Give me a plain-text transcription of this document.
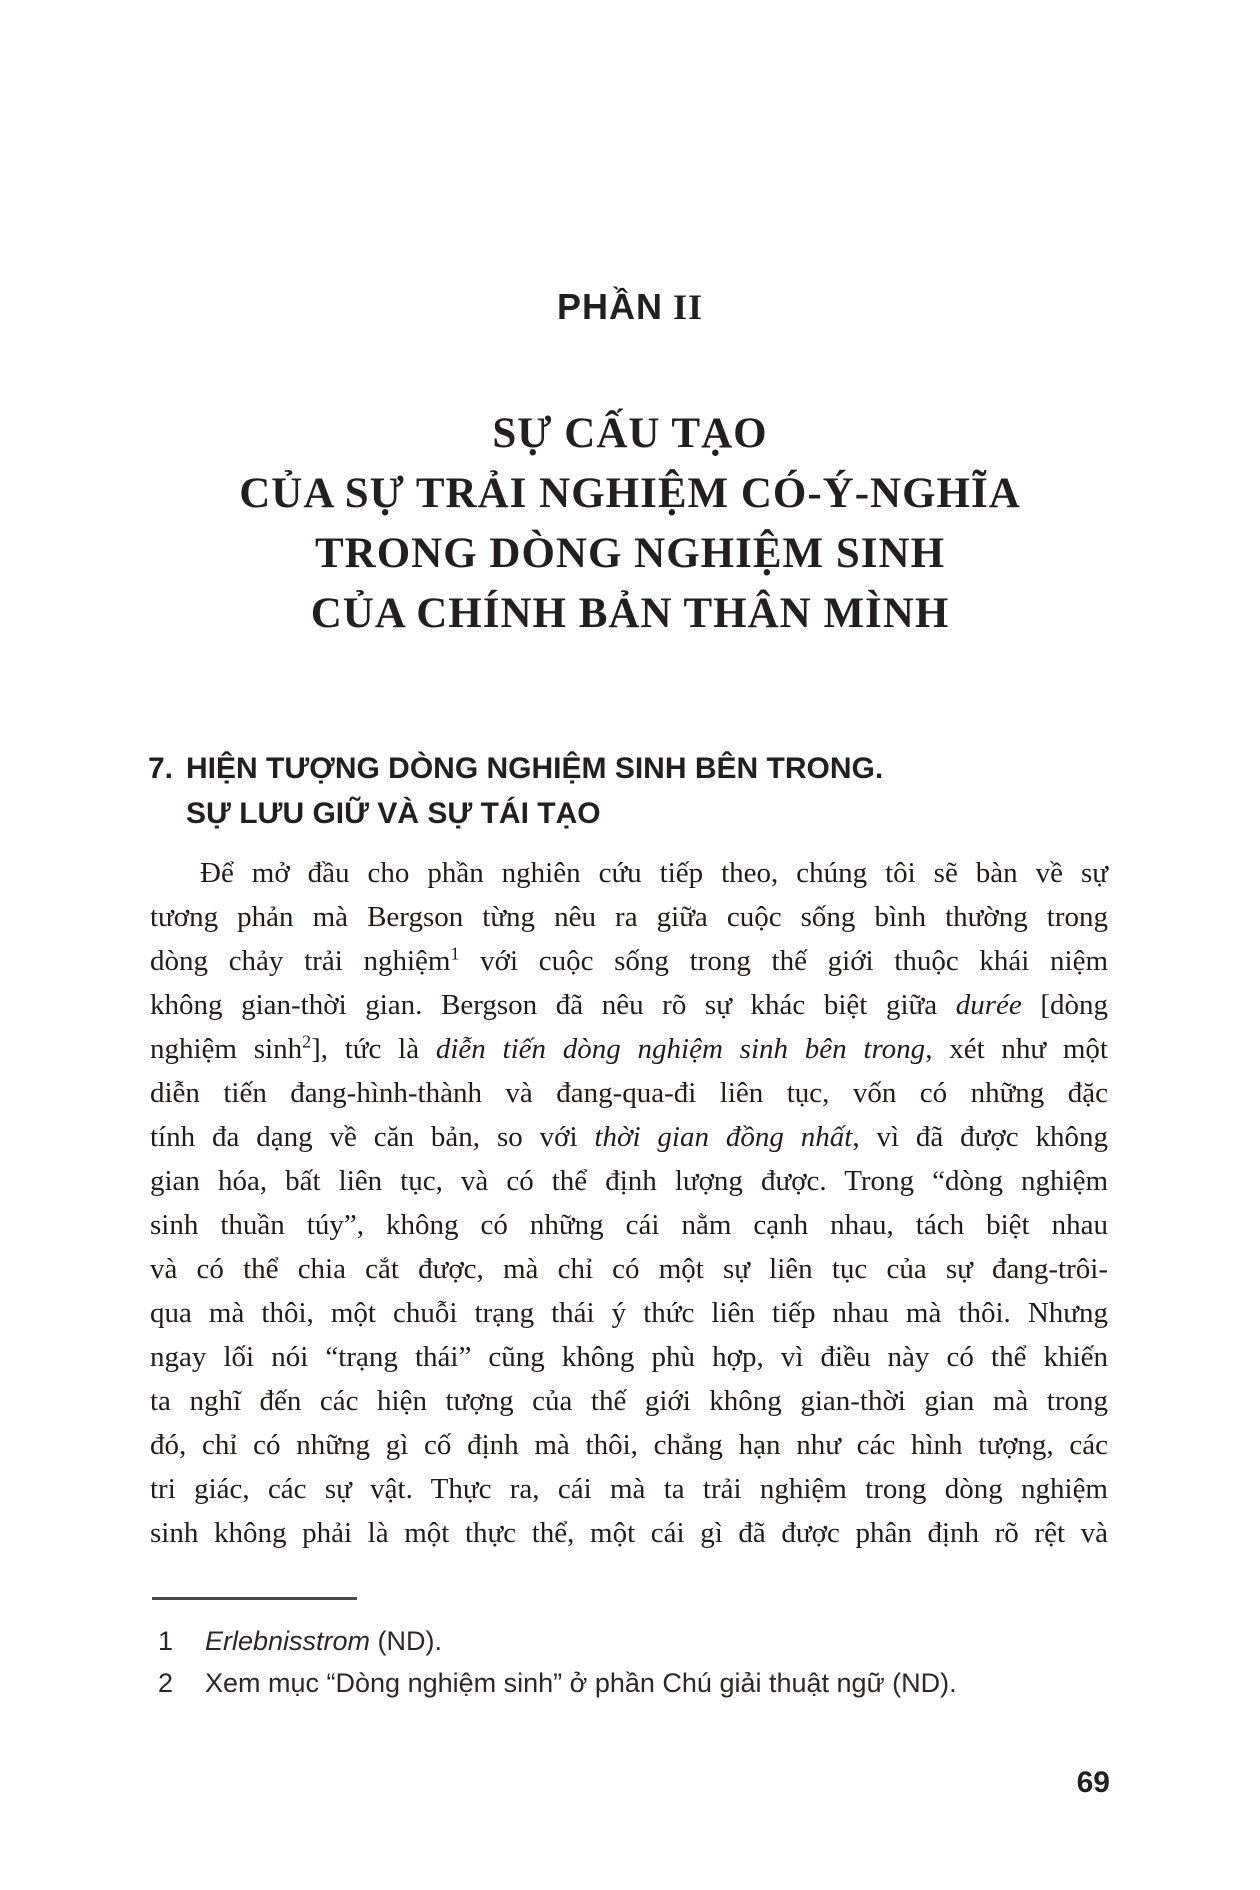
PHẦN II
SỰ CẤU TẠO
CỦA SỰ TRẢI NGHIỆM CÓ-Ý-NGHĨA
TRONG DÒNG NGHIỆM SINH
CỦA CHÍNH BẢN THÂN MÌNH
7. HIỆN TƯỢNG DÒNG NGHIỆM SINH BÊN TRONG.
SỰ LƯU GIỮ VÀ SỰ TÁI TẠO
Để mở đầu cho phần nghiên cứu tiếp theo, chúng tôi sẽ bàn về sự
tương phản mà Bergson từng nêu ra giữa cuộc sống bình thường trong
dòng chảy trải nghiệm$^1$ với cuộc sống trong thế giới thuộc khái niệm
không gian-thời gian. Bergson đã nêu rõ sự khác biệt giữa durée [dòng
nghiệm $\sinh^2$], tức là diễn tiến dòng nghiệm sinh bên trong, xét như một
diễn tiến đang-hình-thành và đang-qua-đi liên tục, vốn có những đặc
tính đa dạng về căn bản, so với thời gian đồng nhất, vì đã được không
gian hóa, bất liên tục, và có thể định lượng được. Trong “dòng nghiệm
sinh thuần túy”, không có những cái nằm cạnh nhau, tách biệt nhau
và có thể chia cắt được, mà chỉ có một sự liên tục của sự đang-trôi-
qua mà thôi, một chuỗi trạng thái ý thức liên tiếp nhau mà thôi. Nhưng
ngay lối nói “trạng thái” cũng không phù hợp, vì điều này có thể khiến
ta nghĩ đến các hiện tượng của thế giới không gian-thời gian mà trong
đó, chỉ có những gì cố định mà thôi, chẳng hạn như các hình tượng, các
tri giác, các sự vật. Thực ra, cái mà ta trải nghiệm trong dòng nghiệm
sinh không phải là một thực thể, một cái gì đã được phân định rõ rệt và
1	Erlebnisstrom (ND).
2	Xem mục “Dòng nghiệm sinh” ở phần Chú giải thuật ngữ (ND).
69
